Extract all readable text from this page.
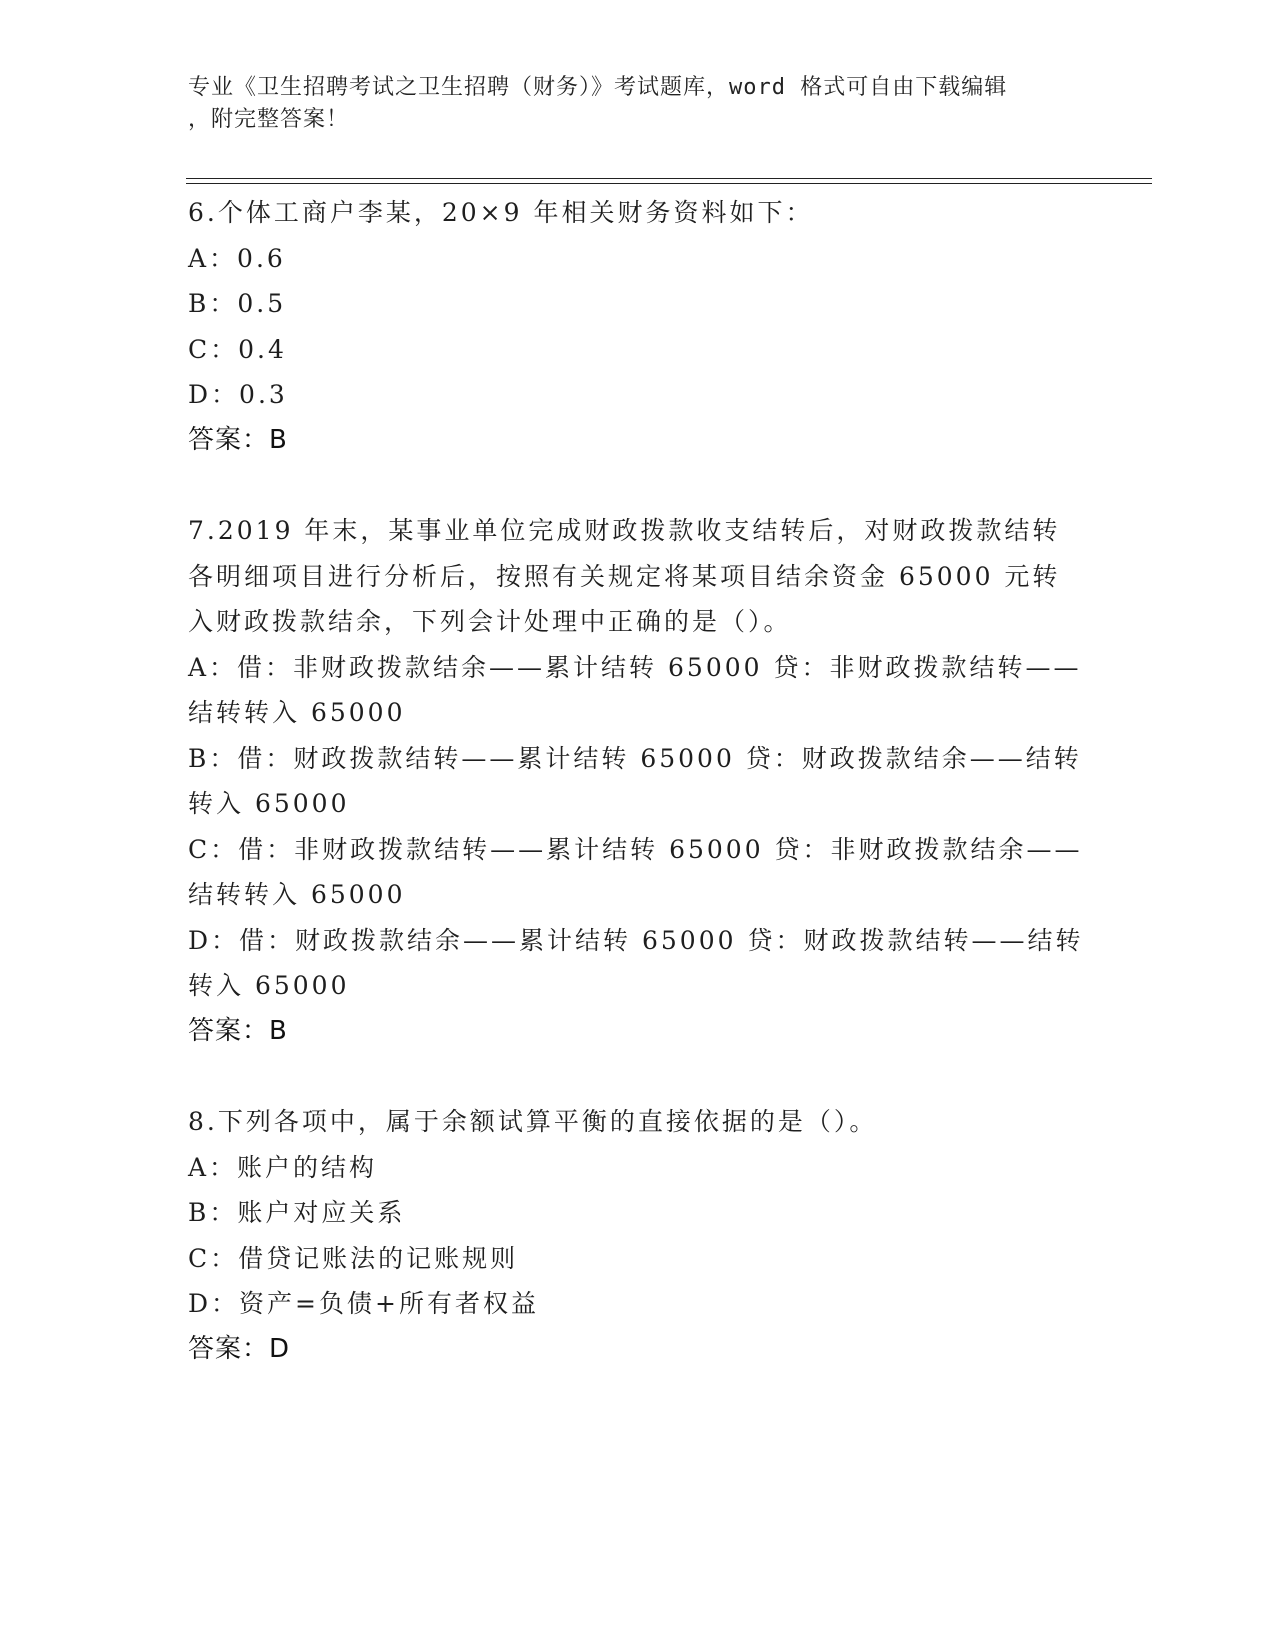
专业《卫生招聘考试之卫生招聘（财务）》考试题库，word 格式可自由下载编辑
，附完整答案！
6.个体工商户李某，20×9 年相关财务资料如下：
A：0.6
B：0.5
C：0.4
D：0.3
答案：B
7.2019 年末，某事业单位完成财政拨款收支结转后，对财政拨款结转各明细项目进行分析后，按照有关规定将某项目结余资金 65000 元转入财政拨款结余，下列会计处理中正确的是（）。
A：借：非财政拨款结余——累计结转 65000 贷：非财政拨款结转——结转转入 65000
B：借：财政拨款结转——累计结转 65000 贷：财政拨款结余——结转转入 65000
C：借：非财政拨款结转——累计结转 65000 贷：非财政拨款结余——结转转入 65000
D：借：财政拨款结余——累计结转 65000 贷：财政拨款结转——结转转入 65000
答案：B
8.下列各项中，属于余额试算平衡的直接依据的是（）。
A：账户的结构
B：账户对应关系
C：借贷记账法的记账规则
D：资产=负债+所有者权益
答案：D
